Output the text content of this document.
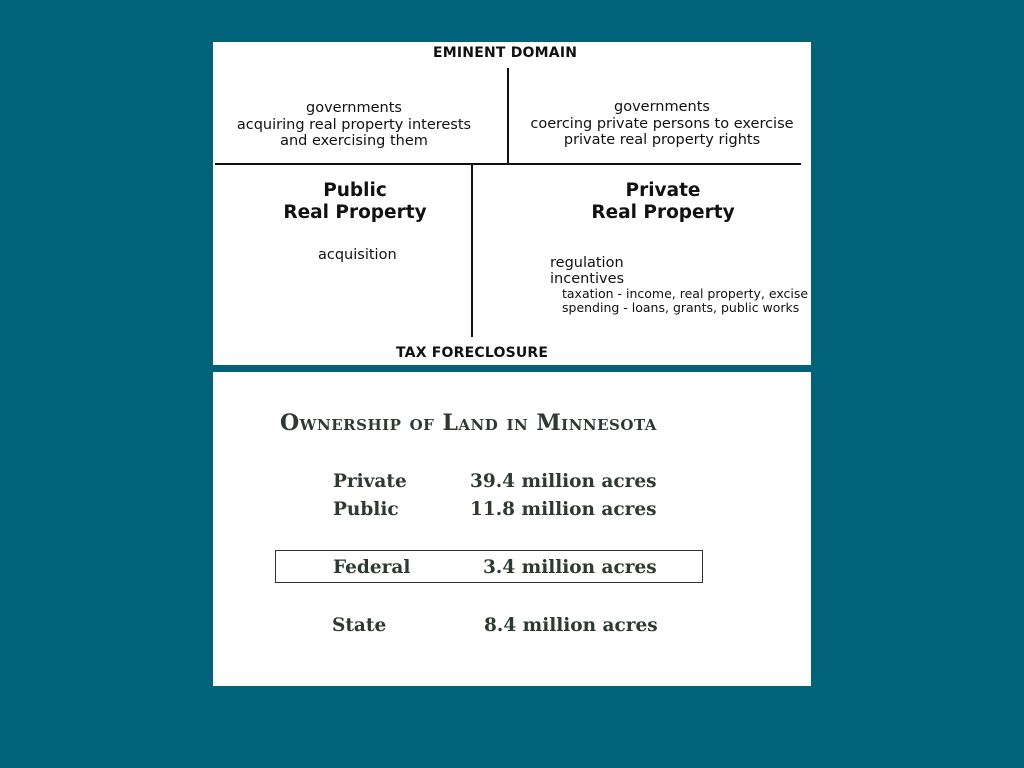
EMINENT DOMAIN
governments
acquiring real property interests
and exercising them
governments
coercing private persons to exercise
private real property rights
Public
Real Property
acquisition
Private
Real Property
regulation
incentives
taxation - income, real property, excise
spending - loans, grants, public works
TAX FORECLOSURE
Ownership of Land in Minnesota
Private	39.4 million acres
Public	11.8 million acres
Federal	3.4 million acres
State	8.4 million acres
